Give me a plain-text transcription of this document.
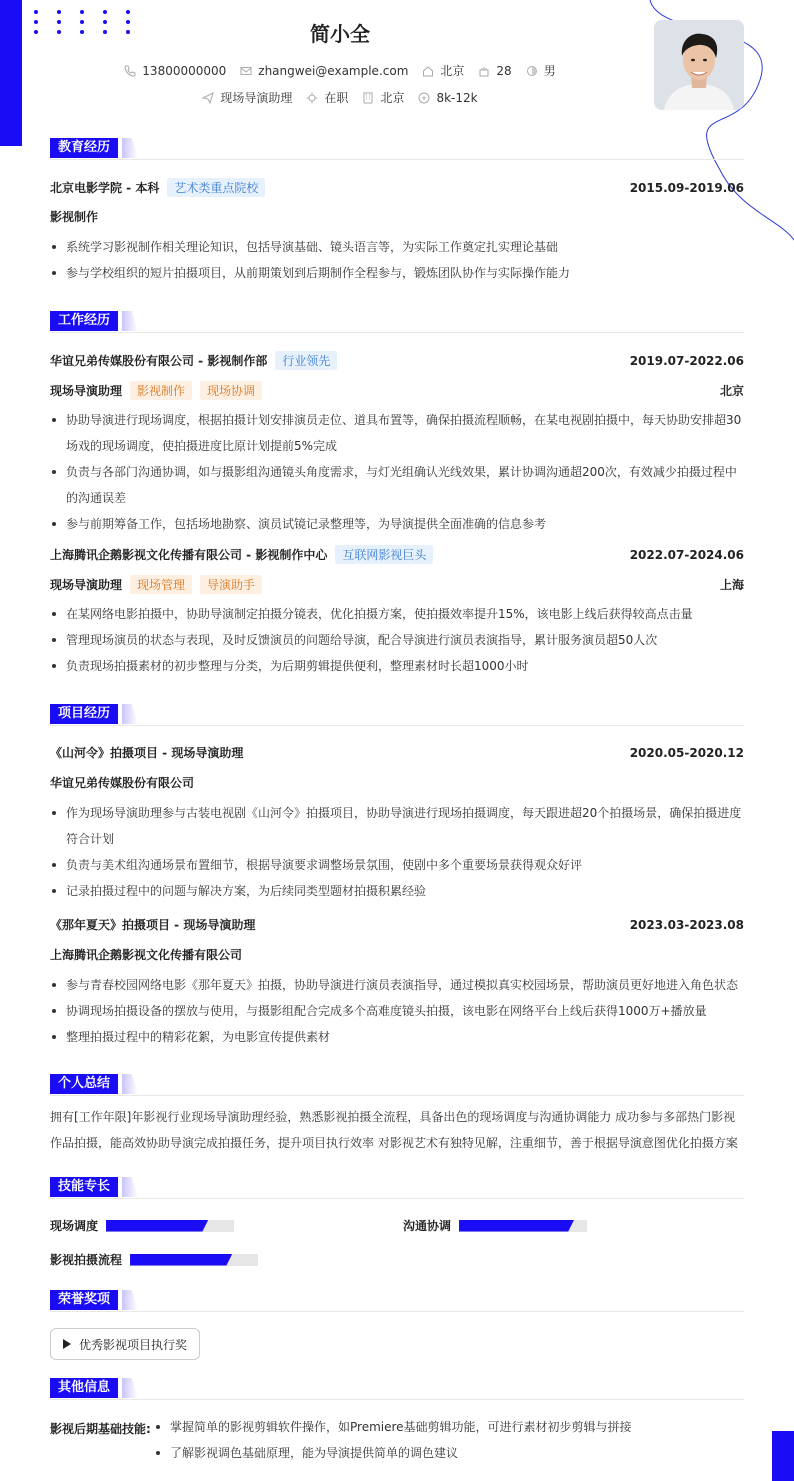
简小全
13800000000	zhangwei@example.com	北京	28	男
现场导演助理	在职	北京	8k-12k
教育经历
北京电影学院 - 本科	艺术类重点院校	2015.09-2019.06
影视制作
系统学习影视制作相关理论知识，包括导演基础、镜头语言等，为实际工作奠定扎实理论基础
参与学校组织的短片拍摄项目，从前期策划到后期制作全程参与，锻炼团队协作与实际操作能力
工作经历
华谊兄弟传媒股份有限公司 - 影视制作部	行业领先	2019.07-2022.06
现场导演助理	影视制作	现场协调	北京
协助导演进行现场调度，根据拍摄计划安排演员走位、道具布置等，确保拍摄流程顺畅，在某电视剧拍摄中，每天协助安排超30场戏的现场调度，使拍摄进度比原计划提前5%完成
负责与各部门沟通协调，如与摄影组沟通镜头角度需求，与灯光组确认光线效果，累计协调沟通超200次，有效减少拍摄过程中的沟通误差
参与前期筹备工作，包括场地勘察、演员试镜记录整理等，为导演提供全面准确的信息参考
上海腾讯企鹅影视文化传播有限公司 - 影视制作中心	互联网影视巨头	2022.07-2024.06
现场导演助理	现场管理	导演助手	上海
在某网络电影拍摄中，协助导演制定拍摄分镜表，优化拍摄方案，使拍摄效率提升15%，该电影上线后获得较高点击量
管理现场演员的状态与表现，及时反馈演员的问题给导演，配合导演进行演员表演指导，累计服务演员超50人次
负责现场拍摄素材的初步整理与分类，为后期剪辑提供便利，整理素材时长超1000小时
项目经历
《山河令》拍摄项目 - 现场导演助理	2020.05-2020.12
华谊兄弟传媒股份有限公司
作为现场导演助理参与古装电视剧《山河令》拍摄项目，协助导演进行现场拍摄调度，每天跟进超20个拍摄场景，确保拍摄进度符合计划
负责与美术组沟通场景布置细节，根据导演要求调整场景氛围，使剧中多个重要场景获得观众好评
记录拍摄过程中的问题与解决方案，为后续同类型题材拍摄积累经验
《那年夏天》拍摄项目 - 现场导演助理	2023.03-2023.08
上海腾讯企鹅影视文化传播有限公司
参与青春校园网络电影《那年夏天》拍摄，协助导演进行演员表演指导，通过模拟真实校园场景，帮助演员更好地进入角色状态
协调现场拍摄设备的摆放与使用，与摄影组配合完成多个高难度镜头拍摄，该电影在网络平台上线后获得1000万+播放量
整理拍摄过程中的精彩花絮，为电影宣传提供素材
个人总结
拥有[工作年限]年影视行业现场导演助理经验，熟悉影视拍摄全流程，具备出色的现场调度与沟通协调能力 成功参与多部热门影视作品拍摄，能高效协助导演完成拍摄任务，提升项目执行效率 对影视艺术有独特见解，注重细节，善于根据导演意图优化拍摄方案
技能专长
现场调度	沟通协调
影视拍摄流程
荣誉奖项
优秀影视项目执行奖
其他信息
影视后期基础技能:	掌握简单的影视剪辑软件操作，如Premiere基础剪辑功能，可进行素材初步剪辑与拼接
了解影视调色基础原理，能为导演提供简单的调色建议
